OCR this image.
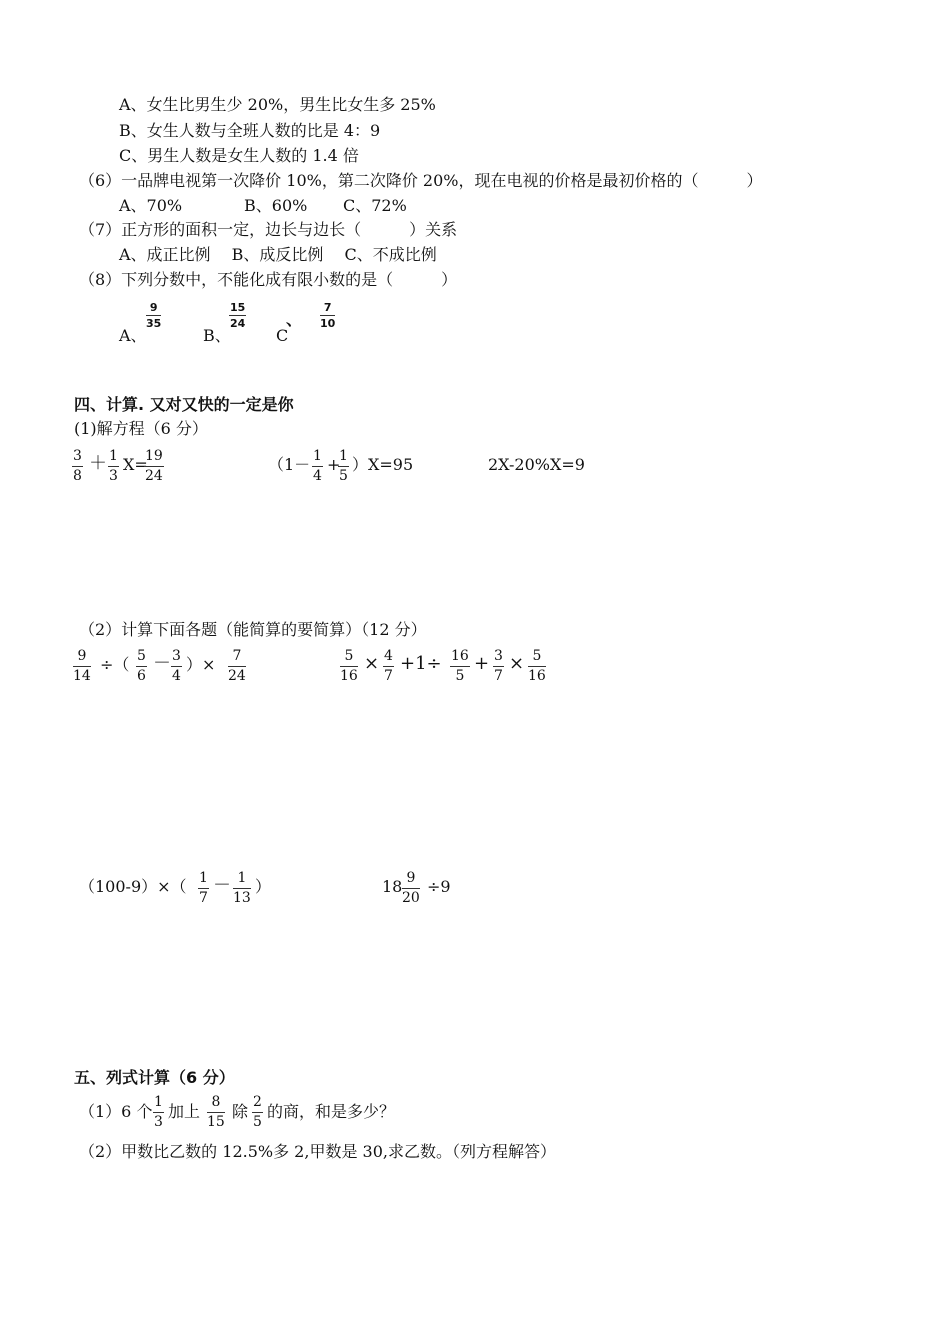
A、女生比男生少 20%，男生比女生多 25%
B、女生人数与全班人数的比是 4：9
C、男生人数是女生人数的 1.4 倍
（6）一品牌电视第一次降价 10%，第二次降价 20%，现在电视的价格是最初价格的（　　　）
A、70%	B、60% C、72%
（7）正方形的面积一定，边长与边长（　　　）关系
A、成正比例　 B、成反比例　 C、不成比例
（8）下列分数中，不能化成有限小数的是（　　　）
A、
$\frac{9}{35}$
B、
$\frac{15}{24}$
C
、 $\frac{7}{10}$
四、计算. 又对又快的一定是你
(1)解方程（6 分）
$\frac{3}{8} + \frac{1}{3} X=$
$\frac{19}{24}$	（$1- \frac{1}{4}$ +
$\frac{1}{5} )X=95$	2X-20%X=9
（2）计算下面各题（能简算的要简算）（12 分）
$\frac{9}{14}$ ÷（ $\frac{5}{6} - \frac{3}{4}$ ）× $\frac{7}{24}$	$\frac{5}{16} \times \frac{4}{7} +1\div \frac{16}{5} + \frac{3}{7} \times \frac{5}{16}$
$(100-9)\times( \frac{1}{7} - \frac{1}{13}$ ）	$18 \frac{9}{20} \div 9$
五、列式计算（6 分）
（1）6 个 $\frac{1}{3}$ 加上 $\frac{8}{15}$ 除 $\frac{2}{5}$ 的商，和是多少？
（2）甲数比乙数的 12.5%多 2,甲数是 30,求乙数。（列方程解答）
